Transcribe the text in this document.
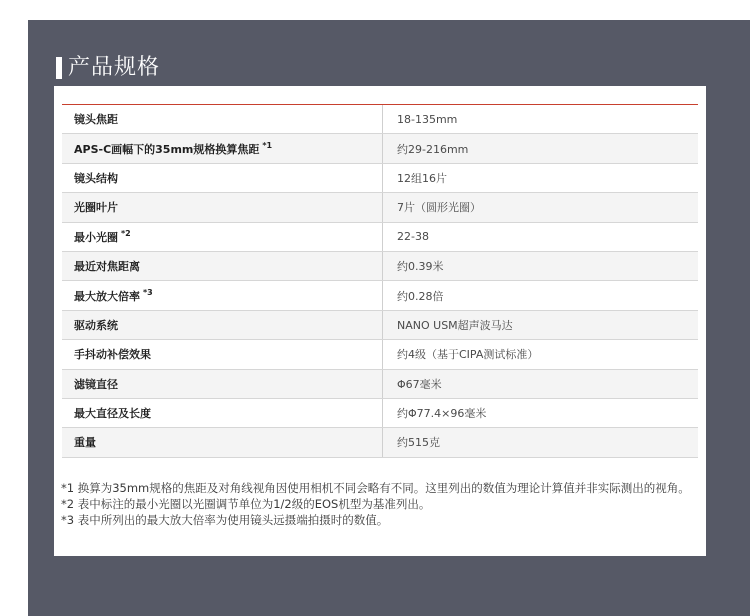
产品规格
镜头焦距	18-135mm
APS-C画幅下的35mm规格换算焦距 $^{*1}$	约29-216mm
镜头结构	12组16片
光圈叶片	7片（圆形光圈）
最小光圈 $^{*2}$	22-38
最近对焦距离	约0.39米
最大放大倍率 $^{*3}$	约0.28倍
驱动系统	NANO USM超声波马达
手抖动补偿效果	约4级（基于CIPA测试标准）
滤镜直径	Φ67毫米
最大直径及长度	约Φ77.4×96毫米
重量	约515克

*1 换算为35mm规格的焦距及对角线视角因使用相机不同会略有不同。这里列出的数值为理论计算值并非实际测出的视角。

*2 表中标注的最小光圈以光圈调节单位为1/2级的EOS机型为基准列出。

*3 表中所列出的最大放大倍率为使用镜头远摄端拍摄时的数值。
